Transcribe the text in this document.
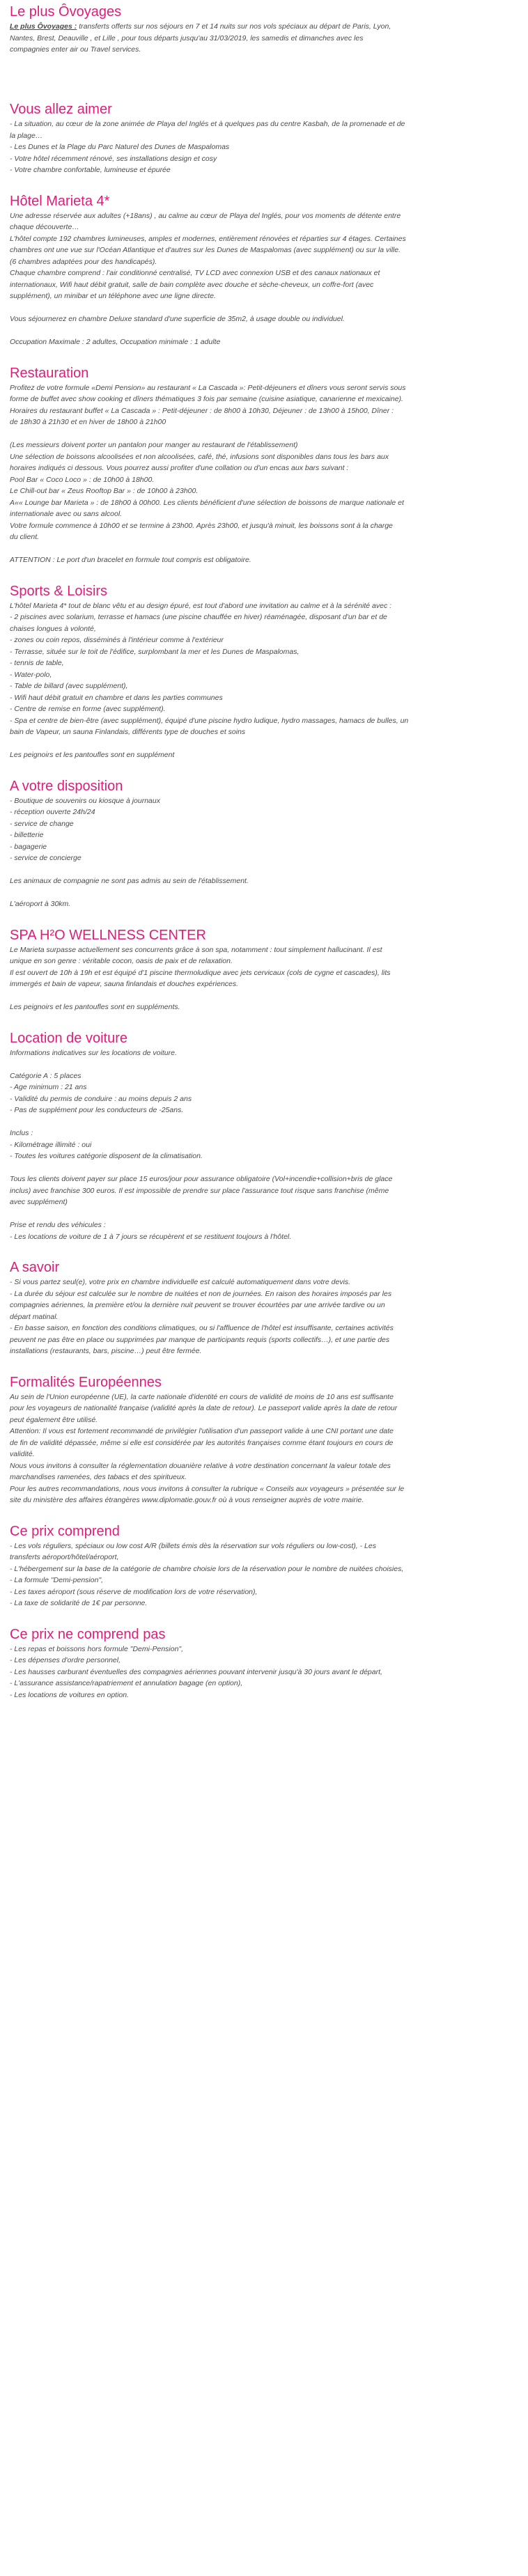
Le plus Ôvoyages
Le plus Ôvoyages : transferts offerts sur nos séjours en 7 et 14 nuits sur nos vols spéciaux au départ de Paris, Lyon,
Nantes, Brest, Deauville , et Lille , pour tous départs jusqu'au 31/03/2019, les samedis et dimanches avec les
compagnies enter air ou Travel services.
Vous allez aimer
- La situation, au cœur de la zone animée de Playa del Inglés et à quelques pas du centre Kasbah, de la promenade et de
la plage…
- Les Dunes et la Plage du Parc Naturel des Dunes de Maspalomas
- Votre hôtel récemment rénové, ses installations design et cosy
- Votre chambre confortable, lumineuse et épurée
Hôtel Marieta 4*
Une adresse réservée aux adultes (+18ans) , au calme au cœur de Playa del Inglés, pour vos moments de détente entre
chaque découverte…
L'hôtel compte 192 chambres lumineuses, amples et modernes, entièrement rénovées et réparties sur 4 étages. Certaines
chambres ont une vue sur l'Océan Atlantique et d'autres sur les Dunes de Maspalomas (avec supplément) ou sur la ville.
(6 chambres adaptées pour des handicapés).
Chaque chambre comprend : l'air conditionné centralisé, TV LCD avec connexion USB et des canaux nationaux et
internationaux, Wifi haut débit gratuit, salle de bain complète avec douche et sèche-cheveux, un coffre-fort (avec
supplément), un minibar et un téléphone avec une ligne directe.
Vous séjournerez en chambre Deluxe standard d'une superficie de 35m2, à usage double ou individuel.
Occupation Maximale : 2 adultes, Occupation minimale : 1 adulte
Restauration
Profitez de votre formule «Demi Pension» au restaurant « La Cascada »: Petit-déjeuners et dîners vous seront servis sous
forme de buffet avec show cooking et dîners thématiques 3 fois par semaine (cuisine asiatique, canarienne et mexicaine).
Horaires du restaurant buffet « La Cascada » : Petit-déjeuner : de 8h00 à 10h30, Déjeuner : de 13h00 à 15h00, Dîner :
de 18h30 à 21h30 et en hiver de 18h00 à 21h00
(Les messieurs doivent porter un pantalon pour manger au restaurant de l'établissement)
Une sélection de boissons alcoolisées et non alcoolisées, café, thé, infusions sont disponibles dans tous les bars aux
horaires indiqués ci dessous. Vous pourrez aussi profiter d'une collation ou d'un encas aux bars suivant :
Pool Bar « Coco Loco » : de 10h00 à 18h00.
Le Chill-out bar « Zeus Rooftop Bar » : de 10h00 à 23h00.
A«« Lounge bar Marieta » : de 18h00 à 00h00. Les clients bénéficient d'une sélection de boissons de marque nationale et
internationale avec ou sans alcool.
Votre formule commence à 10h00 et se termine à 23h00. Après 23h00, et jusqu'à minuit, les boissons sont à la charge
du client.
ATTENTION : Le port d'un bracelet en formule tout compris est obligatoire.
Sports & Loisirs
L'hôtel Marieta 4* tout de blanc vêtu et au design épuré, est tout d'abord une invitation au calme et à la sérénité avec :
- 2 piscines avec solarium, terrasse et hamacs (une piscine chauffée en hiver) réaménagée, disposant d'un bar et de
chaises longues à volonté,
- zones ou coin repos, disséminés à l'intérieur comme à l'extérieur
- Terrasse, située sur le toit de l'édifice, surplombant la mer et les Dunes de Maspalomas,
- tennis de table,
- Water-polo,
- Table de billard (avec supplément),
- Wifi haut débit gratuit en chambre et dans les parties communes
- Centre de remise en forme (avec supplément).
- Spa et centre de bien-être (avec supplément), équipé d'une piscine hydro ludique, hydro massages, hamacs de bulles, un
bain de Vapeur, un sauna Finlandais, différents type de douches et soins
Les peignoirs et les pantoufles sont en supplément
A votre disposition
- Boutique de souvenirs ou kiosque à journaux
- réception ouverte 24h/24
- service de change
- billetterie
- bagagerie
- service de concierge
Les animaux de compagnie ne sont pas admis au sein de l'établissement.
L'aéroport à 30km.
SPA H²O WELLNESS CENTER
Le Marieta surpasse actuellement ses concurrents grâce à son spa, notamment : tout simplement hallucinant. Il est
unique en son genre : véritable cocon, oasis de paix et de relaxation.
Il est ouvert de 10h à 19h et est équipé d'1 piscine thermoludique avec jets cervicaux (cols de cygne et cascades), lits
immergés et bain de vapeur, sauna finlandais et douches expériences.
Les peignoirs et les pantoufles sont en suppléments.
Location de voiture
Informations indicatives sur les locations de voiture.
Catégorie A : 5 places
- Age minimum : 21 ans
- Validité du permis de conduire : au moins depuis 2 ans
- Pas de supplément pour les conducteurs de -25ans.
Inclus :
- Kilométrage illimité : oui
- Toutes les voitures catégorie disposent de la climatisation.
Tous les clients doivent payer sur place 15 euros/jour pour assurance obligatoire (Vol+incendie+collision+bris de glace
inclus) avec franchise 300 euros. Il est impossible de prendre sur place l'assurance tout risque sans franchise (même
avec supplément)
Prise et rendu des véhicules :
- Les locations de voiture de 1 à 7 jours se récupèrent et se restituent toujours à l'hôtel.
A savoir
- Si vous partez seul(e), votre prix en chambre individuelle est calculé automatiquement dans votre devis.
- La durée du séjour est calculée sur le nombre de nuitées et non de journées. En raison des horaires imposés par les
compagnies aériennes, la première et/ou la dernière nuit peuvent se trouver écourtées par une arrivée tardive ou un
départ matinal.
- En basse saison, en fonction des conditions climatiques, ou si l'affluence de l'hôtel est insuffisante, certaines activités
peuvent ne pas être en place ou supprimées par manque de participants requis (sports collectifs…), et une partie des
installations (restaurants, bars, piscine…) peut être fermée.
Formalités Européennes
Au sein de l'Union européenne (UE), la carte nationale d'identité en cours de validité de moins de 10 ans est suffisante
pour les voyageurs de nationalité française (validité après la date de retour). Le passeport valide après la date de retour
peut également être utilisé.
Attention: Il vous est fortement recommandé de privilégier l'utilisation d'un passeport valide à une CNI portant une date
de fin de validité dépassée, même si elle est considérée par les autorités françaises comme étant toujours en cours de
validité.
Nous vous invitons à consulter la réglementation douanière relative à votre destination concernant la valeur totale des
marchandises ramenées, des tabacs et des spiritueux.
Pour les autres recommandations, nous vous invitons à consulter la rubrique « Conseils aux voyageurs » présentée sur le
site du ministère des affaires étrangères www.diplomatie.gouv.fr où à vous renseigner auprès de votre mairie.
Ce prix comprend
- Les vols réguliers, spéciaux ou low cost A/R (billets émis dès la réservation sur vols réguliers ou low-cost), - Les
transferts aéroport/hôtel/aéroport,
- L'hébergement sur la base de la catégorie de chambre choisie lors de la réservation pour le nombre de nuitées choisies,
- La formule "Demi-pension",
- Les taxes aéroport (sous réserve de modification lors de votre réservation),
- La taxe de solidarité de 1€ par personne.
Ce prix ne comprend pas
- Les repas et boissons hors formule "Demi-Pension",
- Les dépenses d'ordre personnel,
- Les hausses carburant éventuelles des compagnies aériennes pouvant intervenir jusqu'à 30 jours avant le départ,
- L'assurance assistance/rapatriement et annulation bagage (en option),
- Les locations de voitures en option.
